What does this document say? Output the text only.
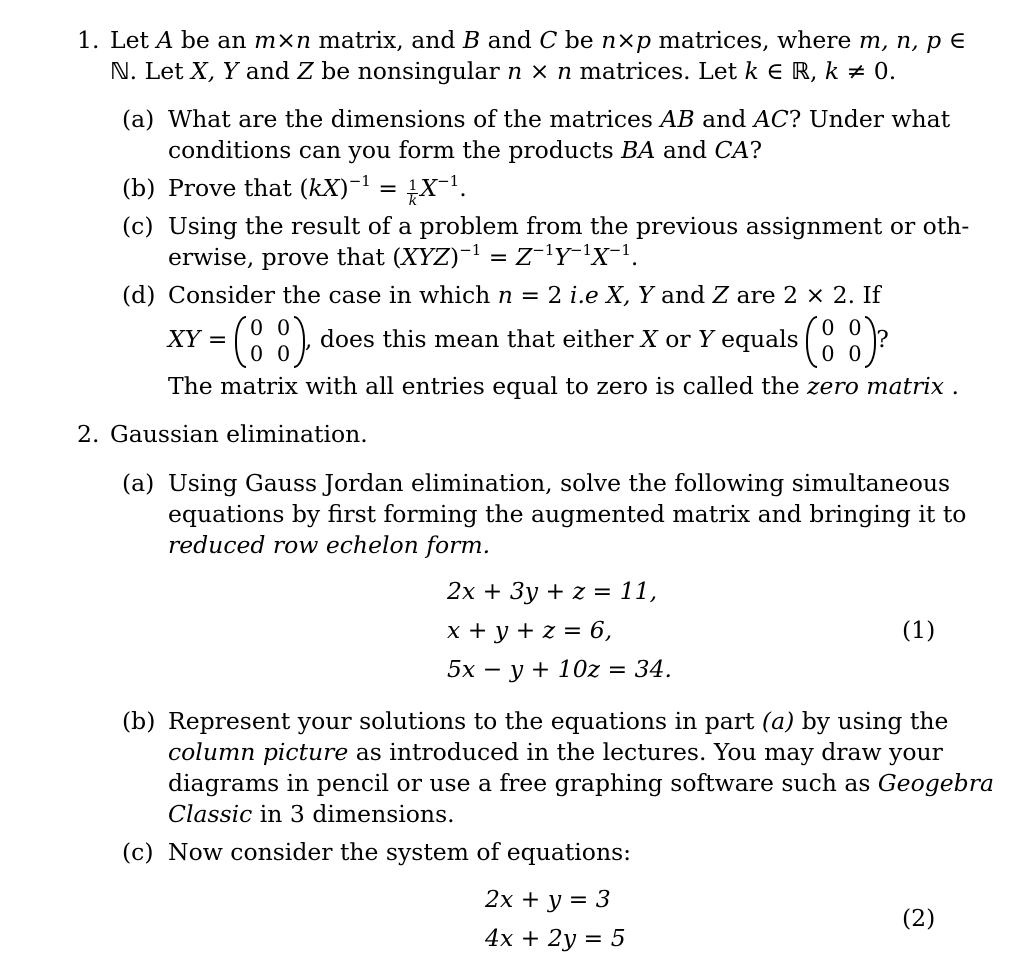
1. Let A be an m×n matrix, and B and C be n×p matrices, where m, n, p ∈
ℕ. Let X, Y and Z be nonsingular n × n matrices. Let k ∈ ℝ, k ≠ 0.
(a) What are the dimensions of the matrices AB and AC? Under what
conditions can you form the products BA and CA?
(b) Prove that $(kX)^{-1} = \frac{1}{k} X^{-1}$.
(c) Using the result of a problem from the previous assignment or oth-
erwise, prove that $(XYZ)^{-1} = Z^{-1}Y^{-1}X^{-1}$.
(d) Consider the case in which n = 2 i.e X, Y and Z are 2 × 2. If
XY = 0 0
0 0
, does this mean that either X or Y equals 0 0
0 0
?
The matrix with all entries equal to zero is called the zero matrix .
2. Gaussian elimination.
(a) Using Gauss Jordan elimination, solve the following simultaneous
equations by first forming the augmented matrix and bringing it to
reduced row echelon form.
2x + 3y + z = 11,
x + y + z = 6,
5x − y + 10z = 34.
(1)
(b) Represent your solutions to the equations in part (a) by using the
column picture as introduced in the lectures. You may draw your
diagrams in pencil or use a free graphing software such as Geogebra
Classic in 3 dimensions.
(c) Now consider the system of equations:
2x + y = 3
4x + 2y = 5
(2)
